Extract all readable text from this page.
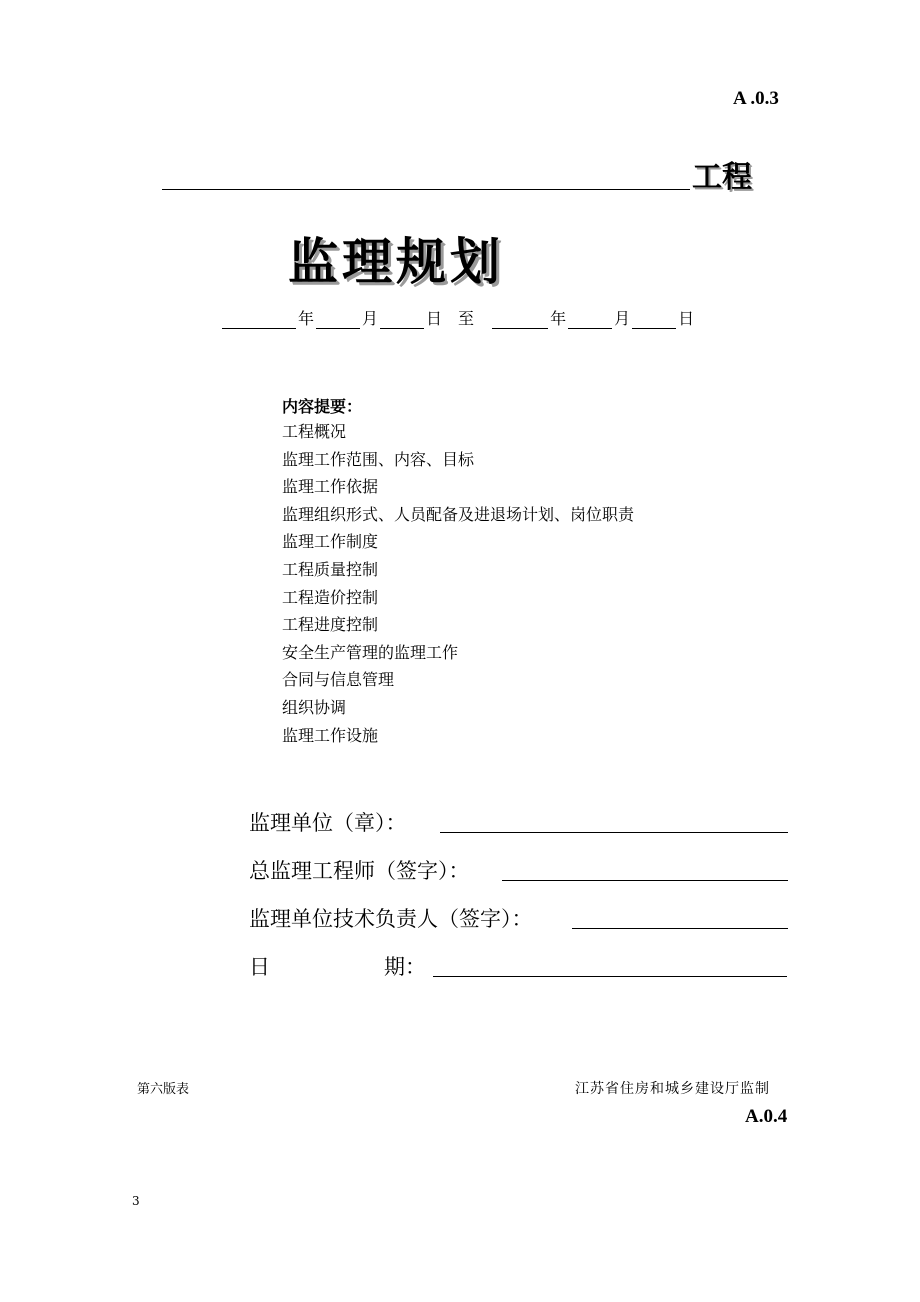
A .0.3
工程
监理规划
年	月	日	至	年	月	日
内容提要：
工程概况
监理工作范围、内容、目标
监理工作依据
监理组织形式、人员配备及进退场计划、岗位职责
监理工作制度
工程质量控制
工程造价控制
工程进度控制
安全生产管理的监理工作
合同与信息管理
组织协调
监理工作设施
监理单位（章）：
总监理工程师（签字）：
监理单位技术负责人（签字）：
日	期：
第六版表	江苏省住房和城乡建设厅监制
A.0.4
3
